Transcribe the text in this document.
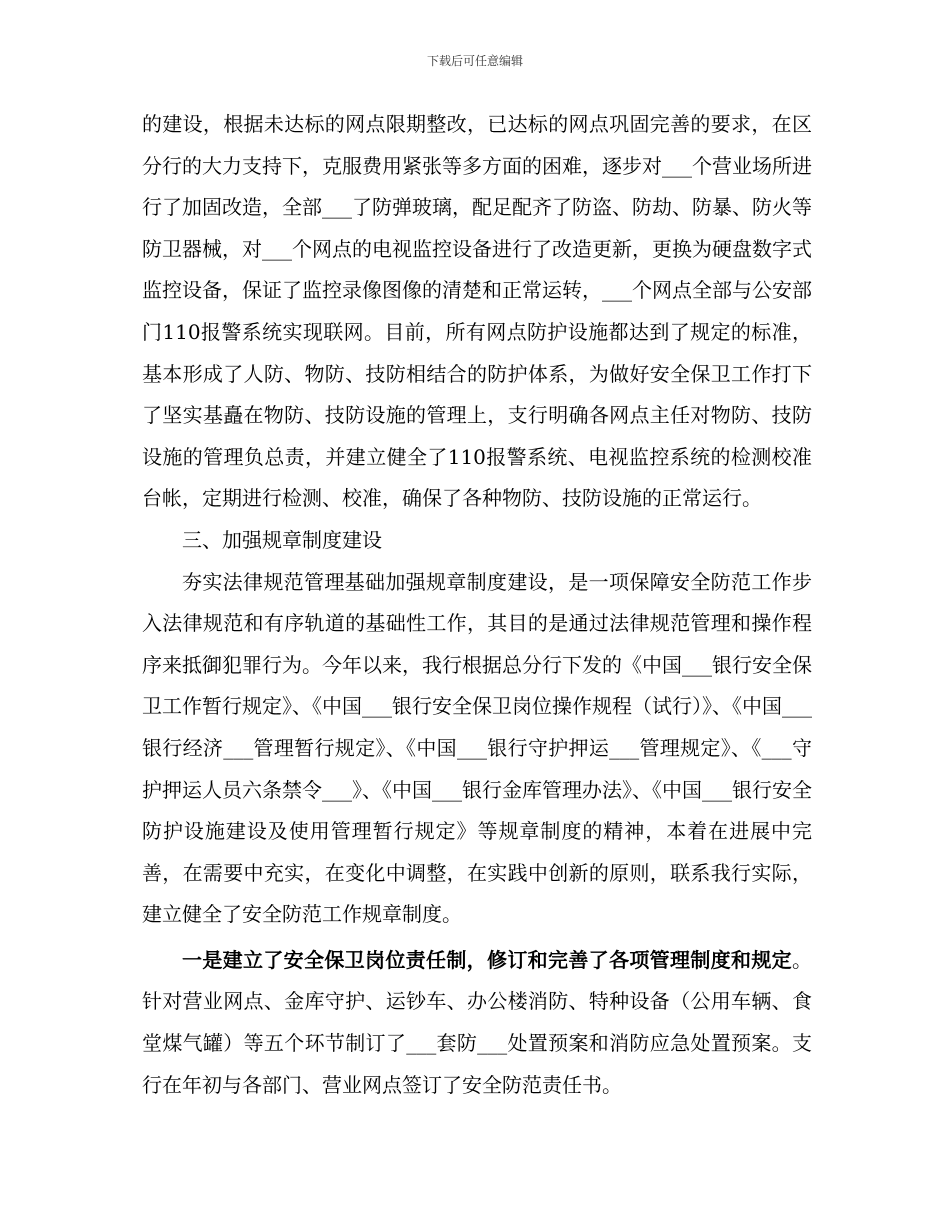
下载后可任意编辑

的建设，根据未达标的网点限期整改，已达标的网点巩固完善的要求，在区分行的大力支持下，克服费用紧张等多方面的困难，逐步对___个营业场所进行了加固改造，全部___了防弹玻璃，配足配齐了防盗、防劫、防暴、防火等防卫器械，对___个网点的电视监控设备进行了改造更新，更换为硬盘数字式监控设备，保证了监控录像图像的清楚和正常运转，___个网点全部与公安部门110报警系统实现联网。目前，所有网点防护设施都达到了规定的标准，基本形成了人防、物防、技防相结合的防护体系，为做好安全保卫工作打下了坚实基矗在物防、技防设施的管理上，支行明确各网点主任对物防、技防设施的管理负总责，并建立健全了110报警系统、电视监控系统的检测校准台帐，定期进行检测、校准，确保了各种物防、技防设施的正常运行。

三、加强规章制度建设

夯实法律规范管理基础加强规章制度建设，是一项保障安全防范工作步入法律规范和有序轨道的基础性工作，其目的是通过法律规范管理和操作程序来抵御犯罪行为。今年以来，我行根据总分行下发的《中国___银行安全保卫工作暂行规定》、《中国___银行安全保卫岗位操作规程（试行）》、《中国___银行经济___管理暂行规定》、《中国___银行守护押运___管理规定》、《___守护押运人员六条禁令___》、《中国___银行金库管理办法》、《中国___银行安全防护设施建设及使用管理暂行规定》等规章制度的精神，本着在进展中完善，在需要中充实，在变化中调整，在实践中创新的原则，联系我行实际，建立健全了安全防范工作规章制度。

一是建立了安全保卫岗位责任制，修订和完善了各项管理制度和规定。针对营业网点、金库守护、运钞车、办公楼消防、特种设备（公用车辆、食堂煤气罐）等五个环节制订了___套防___处置预案和消防应急处置预案。支行在年初与各部门、营业网点签订了安全防范责任书。
